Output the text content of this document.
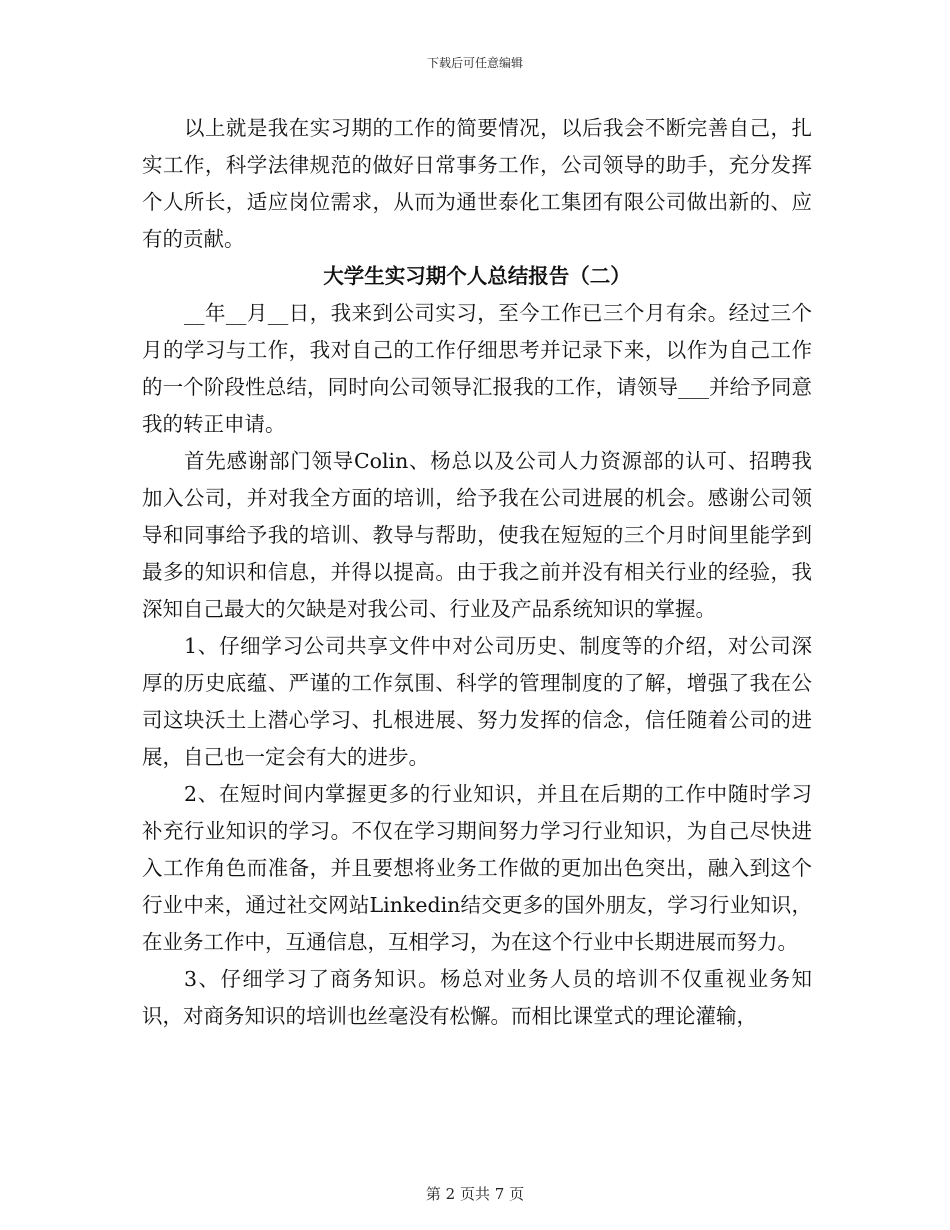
下载后可任意编辑

以上就是我在实习期的工作的简要情况，以后我会不断完善自己，扎实工作，科学法律规范的做好日常事务工作，公司领导的助手，充分发挥个人所长，适应岗位需求，从而为通世泰化工集团有限公司做出新的、应有的贡献。

大学生实习期个人总结报告（二）

__年__月__日，我来到公司实习，至今工作已三个月有余。经过三个月的学习与工作，我对自己的工作仔细思考并记录下来，以作为自己工作的一个阶段性总结，同时向公司领导汇报我的工作，请领导___并给予同意我的转正申请。

首先感谢部门领导Colin、杨总以及公司人力资源部的认可、招聘我加入公司，并对我全方面的培训，给予我在公司进展的机会。感谢公司领导和同事给予我的培训、教导与帮助，使我在短短的三个月时间里能学到最多的知识和信息，并得以提高。由于我之前并没有相关行业的经验，我深知自己最大的欠缺是对我公司、行业及产品系统知识的掌握。

1、仔细学习公司共享文件中对公司历史、制度等的介绍，对公司深厚的历史底蕴、严谨的工作氛围、科学的管理制度的了解，增强了我在公司这块沃土上潜心学习、扎根进展、努力发挥的信念，信任随着公司的进展，自己也一定会有大的进步。

2、在短时间内掌握更多的行业知识，并且在后期的工作中随时学习补充行业知识的学习。不仅在学习期间努力学习行业知识，为自己尽快进入工作角色而准备，并且要想将业务工作做的更加出色突出，融入到这个行业中来，通过社交网站Linkedin结交更多的国外朋友，学习行业知识，在业务工作中，互通信息，互相学习，为在这个行业中长期进展而努力。

3、仔细学习了商务知识。杨总对业务人员的培训不仅重视业务知识，对商务知识的培训也丝毫没有松懈。而相比课堂式的理论灌输，

第 2 页共 7 页
